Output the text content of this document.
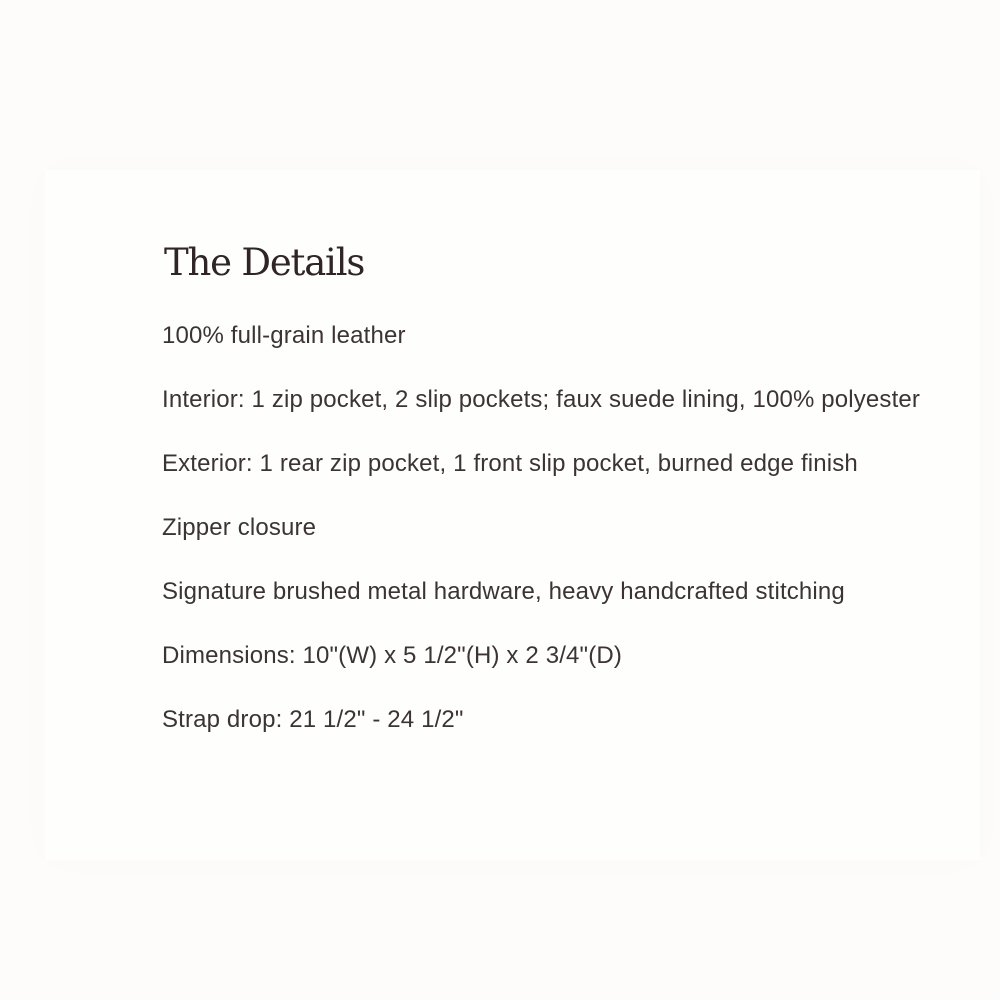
The Details
100% full-grain leather
Interior: 1 zip pocket, 2 slip pockets; faux suede lining, 100% polyester
Exterior: 1 rear zip pocket, 1 front slip pocket, burned edge finish
Zipper closure
Signature brushed metal hardware, heavy handcrafted stitching
Dimensions: 10"(W) x 5 1/2"(H) x 2 3/4"(D)
Strap drop: 21 1/2" - 24 1/2"
